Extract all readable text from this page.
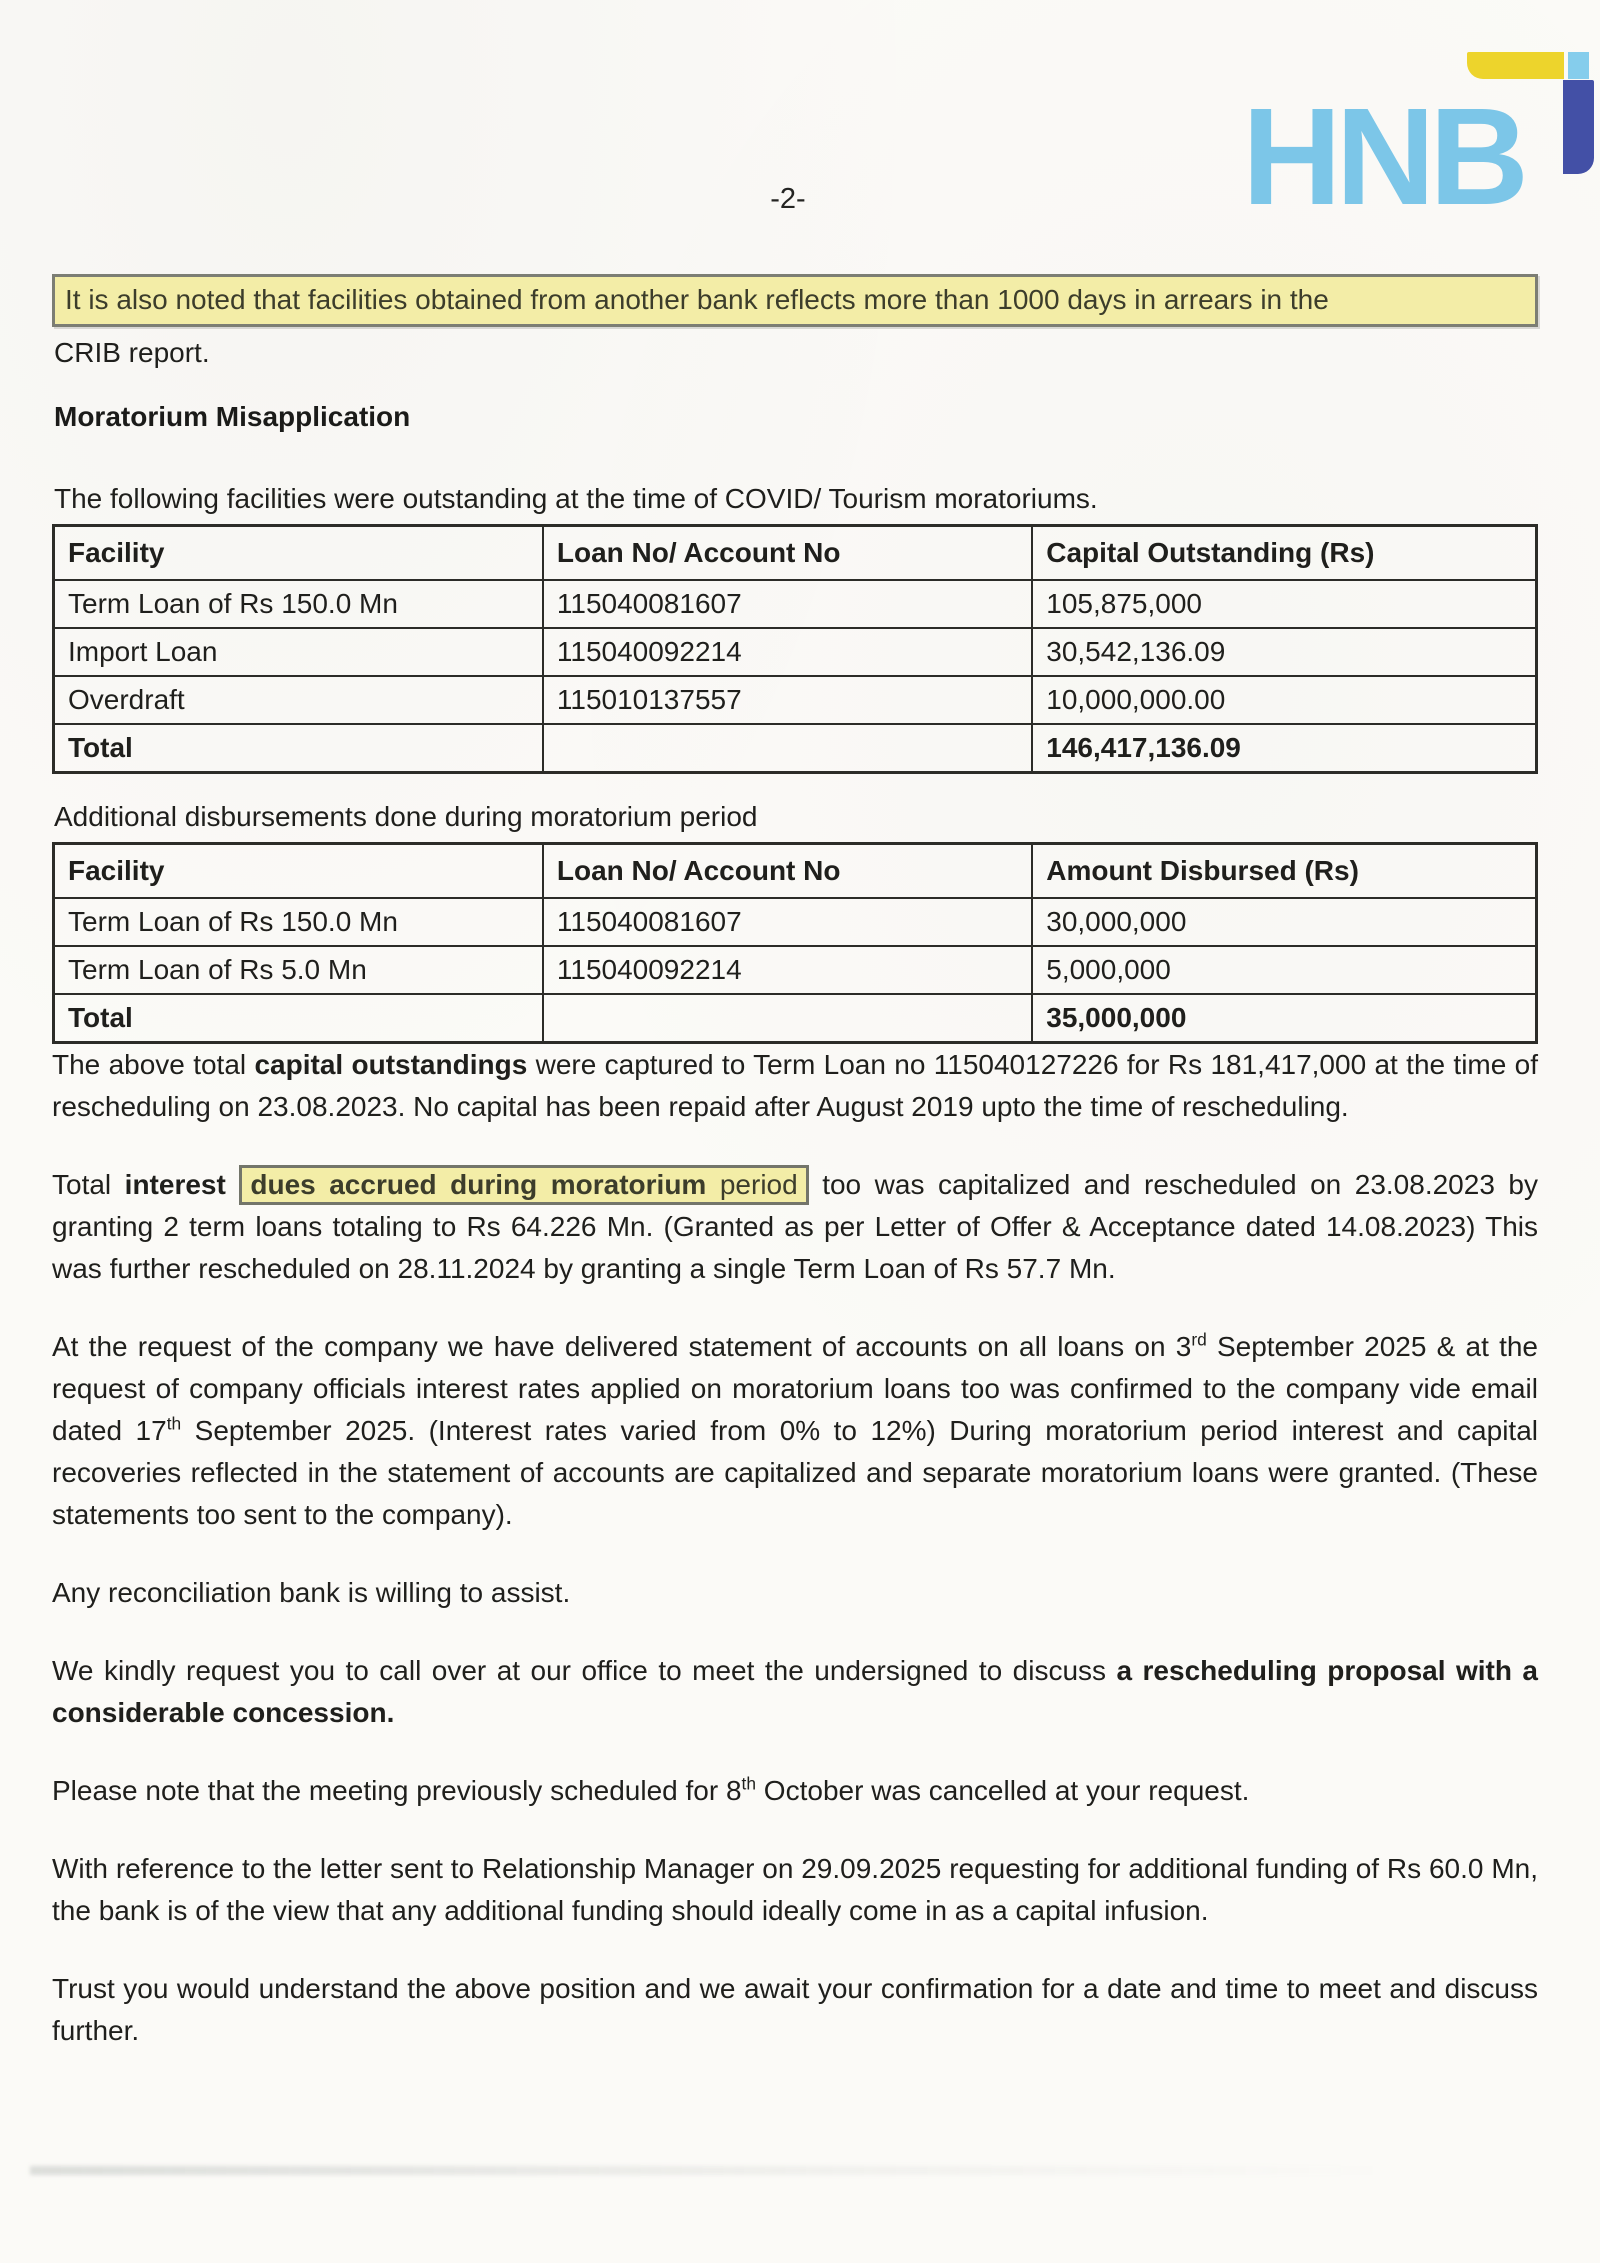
-2-	HNB
It is also noted that facilities obtained from another bank reflects more than 1000 days in arrears in the
CRIB report.
Moratorium Misapplication
The following facilities were outstanding at the time of COVID/ Tourism moratoriums.
Facility	Loan No/ Account No	Capital Outstanding (Rs)
Term Loan of Rs 150.0 Mn	115040081607	105,875,000
Import Loan	115040092214	30,542,136.09
Overdraft	115010137557	10,000,000.00
Total		146,417,136.09
Additional disbursements done during moratorium period
Facility	Loan No/ Account No	Amount Disbursed (Rs)
Term Loan of Rs 150.0 Mn	115040081607	30,000,000
Term Loan of Rs 5.0 Mn	115040092214	5,000,000
Total		35,000,000

The above total capital outstandings were captured to Term Loan no 115040127226 for Rs 181,417,000 at the time of rescheduling on 23.08.2023. No capital has been repaid after August 2019 upto the time of rescheduling.

Total interest dues accrued during moratorium period too was capitalized and rescheduled on 23.08.2023 by granting 2 term loans totaling to Rs 64.226 Mn. (Granted as per Letter of Offer & Acceptance dated 14.08.2023) This was further rescheduled on 28.11.2024 by granting a single Term Loan of Rs 57.7 Mn.

At the request of the company we have delivered statement of accounts on all loans on 3rd September 2025 & at the request of company officials interest rates applied on moratorium loans too was confirmed to the company vide email dated 17th September 2025. (Interest rates varied from 0% to 12%) During moratorium period interest and capital recoveries reflected in the statement of accounts are capitalized and separate moratorium loans were granted. (These statements too sent to the company).

Any reconciliation bank is willing to assist.

We kindly request you to call over at our office to meet the undersigned to discuss a rescheduling proposal with a considerable concession.

Please note that the meeting previously scheduled for 8th October was cancelled at your request.

With reference to the letter sent to Relationship Manager on 29.09.2025 requesting for additional funding of Rs 60.0 Mn, the bank is of the view that any additional funding should ideally come in as a capital infusion.

Trust you would understand the above position and we await your confirmation for a date and time to meet and discuss further.
